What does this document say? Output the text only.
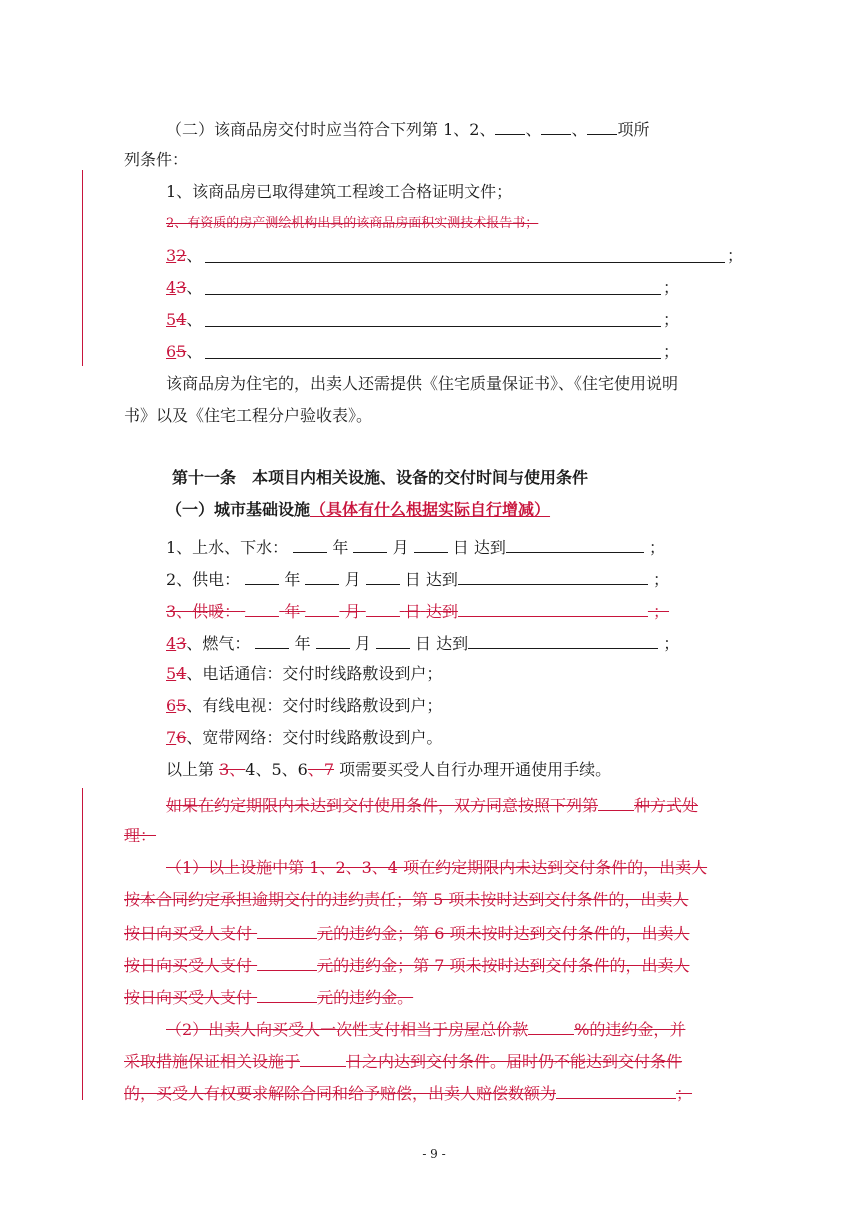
（二）该商品房交付时应当符合下列第 1、2、 、 、 项所
列条件：
1、该商品房已取得建筑工程竣工合格证明文件；
2、有资质的房产测绘机构出具的该商品房面积实测技术报告书；
32、	；
43、	；
54、	；
65、	；
该商品房为住宅的，出卖人还需提供《住宅质量保证书》、《住宅使用说明
书》以及《住宅工程分户验收表》。
第十一条　本项目内相关设施、设备的交付时间与使用条件
（一）城市基础设施（具体有什么根据实际自行增减）
1、上水、下水：	年	月	日 达到	；
2、供电：	年	月	日 达到	；
3、供暖：	年	月	日 达到	；
43、燃气：	年	月	日 达到	；
54、电话通信：交付时线路敷设到户；
65、有线电视：交付时线路敷设到户；
76、宽带网络：交付时线路敷设到户。
以上第 3、4、5、6、7 项需要买受人自行办理开通使用手续。
如果在约定期限内未达到交付使用条件，双方同意按照下列第 种方式处
理：
（1）以上设施中第 1、2、3、4 项在约定期限内未达到交付条件的，出卖人
按本合同约定承担逾期交付的违约责任；第 5 项未按时达到交付条件的，出卖人
按日向买受人支付	元的违约金；第 6 项未按时达到交付条件的，出卖人
按日向买受人支付	元的违约金；第 7 项未按时达到交付条件的，出卖人
按日向买受人支付	元的违约金。
（2）出卖人向买受人一次性支付相当于房屋总价款	%的违约金，并
采取措施保证相关设施于	日之内达到交付条件。届时仍不能达到交付条件
的，买受人有权要求解除合同和给予赔偿，出卖人赔偿数额为	；
- 9 -
